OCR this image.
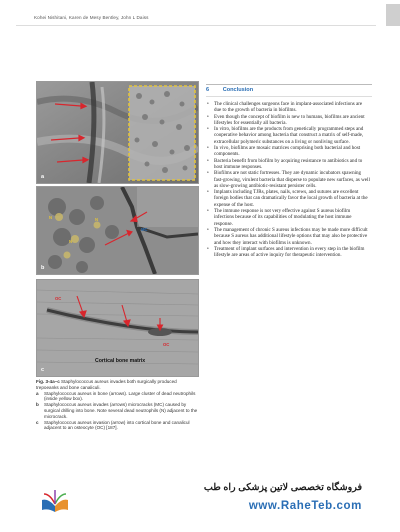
Kohei Nishitani, Karen de Mesy Bentley, John L Daiss
a
N
N
MC
N
b
OC
OC
Cortical bone matrix
c
Fig. 3-4a–c Staphylococcus aureus invades both surgically produced trepoeanks and bone canaliculi.
a	Staphylococcus aureus in bone (arrows). Large cluster of dead neutrophils (inside yellow box).
b	Staphylococcus aureus invades (arrows) microcracks (MC) caused by surgical drilling into bone. Note several dead neutrophils (N) adjacent to the microcrack.
c	Staphylococcus aureus invasion (arrow) into cortical bone and canalicul adjacent to an osteocyte (OC) [187].
6 Conclusion
• The clinical challenges surgeons face in implant-associated infections are due to the growth of bacteria in biofilms.
• Even though the concept of biofilm is new to humans, biofilms are ancient lifestyles for essentially all bacteria.
• In vitro, biofilms are the products from genetically programmed steps and cooperative behavior among bacteria that construct a matrix of self-made, extracellular polymeric substances on a living or nonliving surface.
• In vivo, biofilms are mosaic matrices comprising both bacterial and host components.
• Bacteria benefit from biofilm by acquiring resistance to antibiotics and to host immune responses.
• Biofilms are not static fortresses. They are dynamic incubators spawning fast-growing, virulent bacteria that disperse to populate new surfaces, as well as slow-growing antibiotic-resistant persister cells.
• Implants including TJRs, plates, nails, screws, and sutures are excellent foreign bodies that can dramatically favor the local growth of bacteria at the expense of the host.
• The immune response is not very effective against S aureus biofilm infections because of its capabilities of modulating the host immune response.
• The management of chronic S aureus infections may be made more difficult because S aureus has additional lifestyle options that may also be protective and how they interact with biofilms is unknown.
• Treatment of implant surfaces and intervention in every step in the biofilm lifestyle are areas of active inquiry for therapeutic intervention.
فروشگاه تخصصی لاتین پزشکی راه طب
www.RaheTeb.com
